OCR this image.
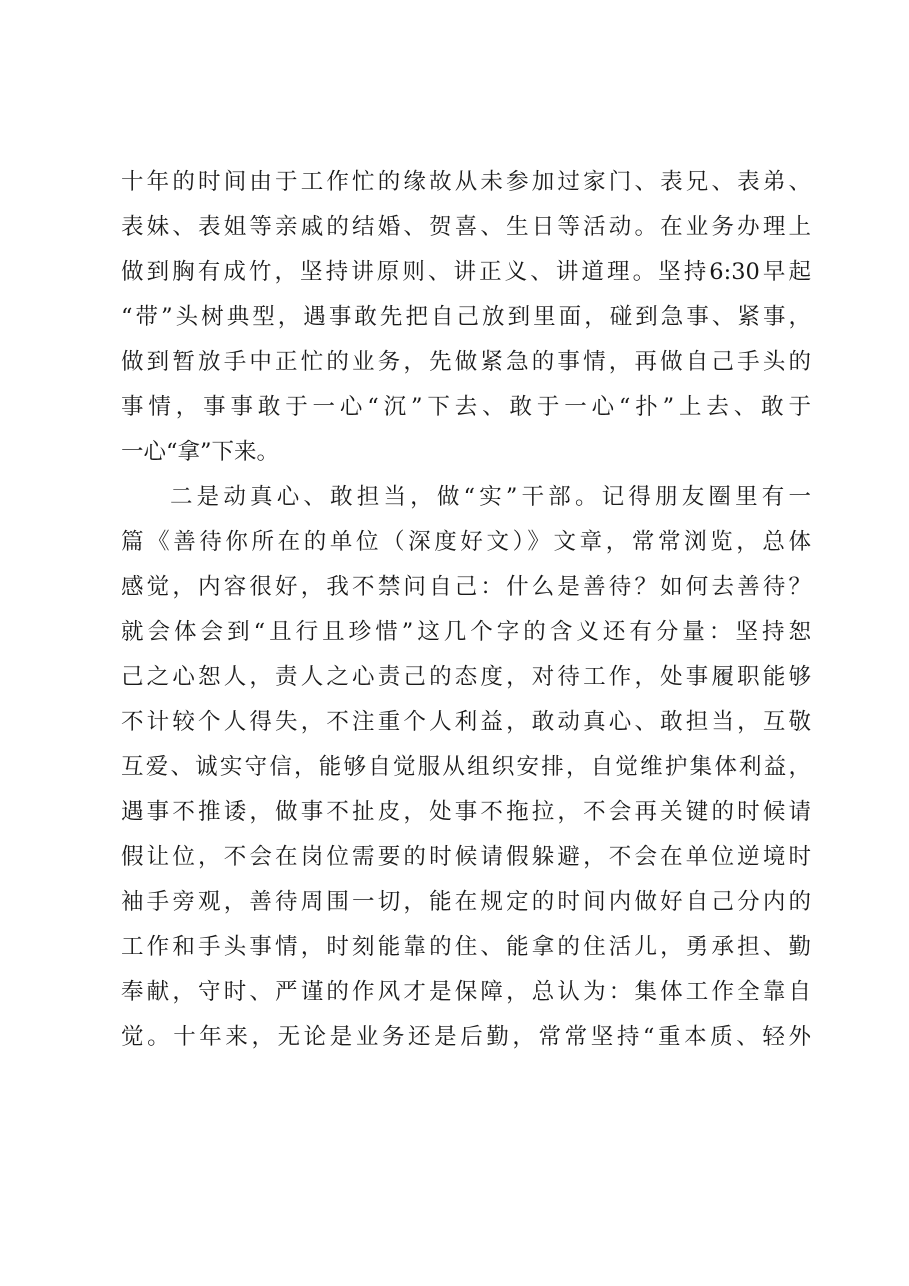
十年的时间由于工作忙的缘故从未参加过家门、表兄、表弟、
表妹、表姐等亲戚的结婚、贺喜、生日等活动。在业务办理上
做到胸有成竹，坚持讲原则、讲正义、讲道理。坚持6:30早起
“带”头树典型，遇事敢先把自己放到里面，碰到急事、紧事，
做到暂放手中正忙的业务，先做紧急的事情，再做自己手头的
事情，事事敢于一心“沉”下去、敢于一心“扑”上去、敢于
一心“拿”下来。
二是动真心、敢担当，做“实”干部。记得朋友圈里有一
篇《善待你所在的单位（深度好文）》文章，常常浏览，总体
感觉，内容很好，我不禁问自己：什么是善待？如何去善待？
就会体会到“且行且珍惜”这几个字的含义还有分量：坚持恕
己之心恕人，责人之心责己的态度，对待工作，处事履职能够
不计较个人得失，不注重个人利益，敢动真心、敢担当，互敬
互爱、诚实守信，能够自觉服从组织安排，自觉维护集体利益，
遇事不推诿，做事不扯皮，处事不拖拉，不会再关键的时候请
假让位，不会在岗位需要的时候请假躲避，不会在单位逆境时
袖手旁观，善待周围一切，能在规定的时间内做好自己分内的
工作和手头事情，时刻能靠的住、能拿的住活儿，勇承担、勤
奉献，守时、严谨的作风才是保障，总认为：集体工作全靠自
觉。十年来，无论是业务还是后勤，常常坚持“重本质、轻外
